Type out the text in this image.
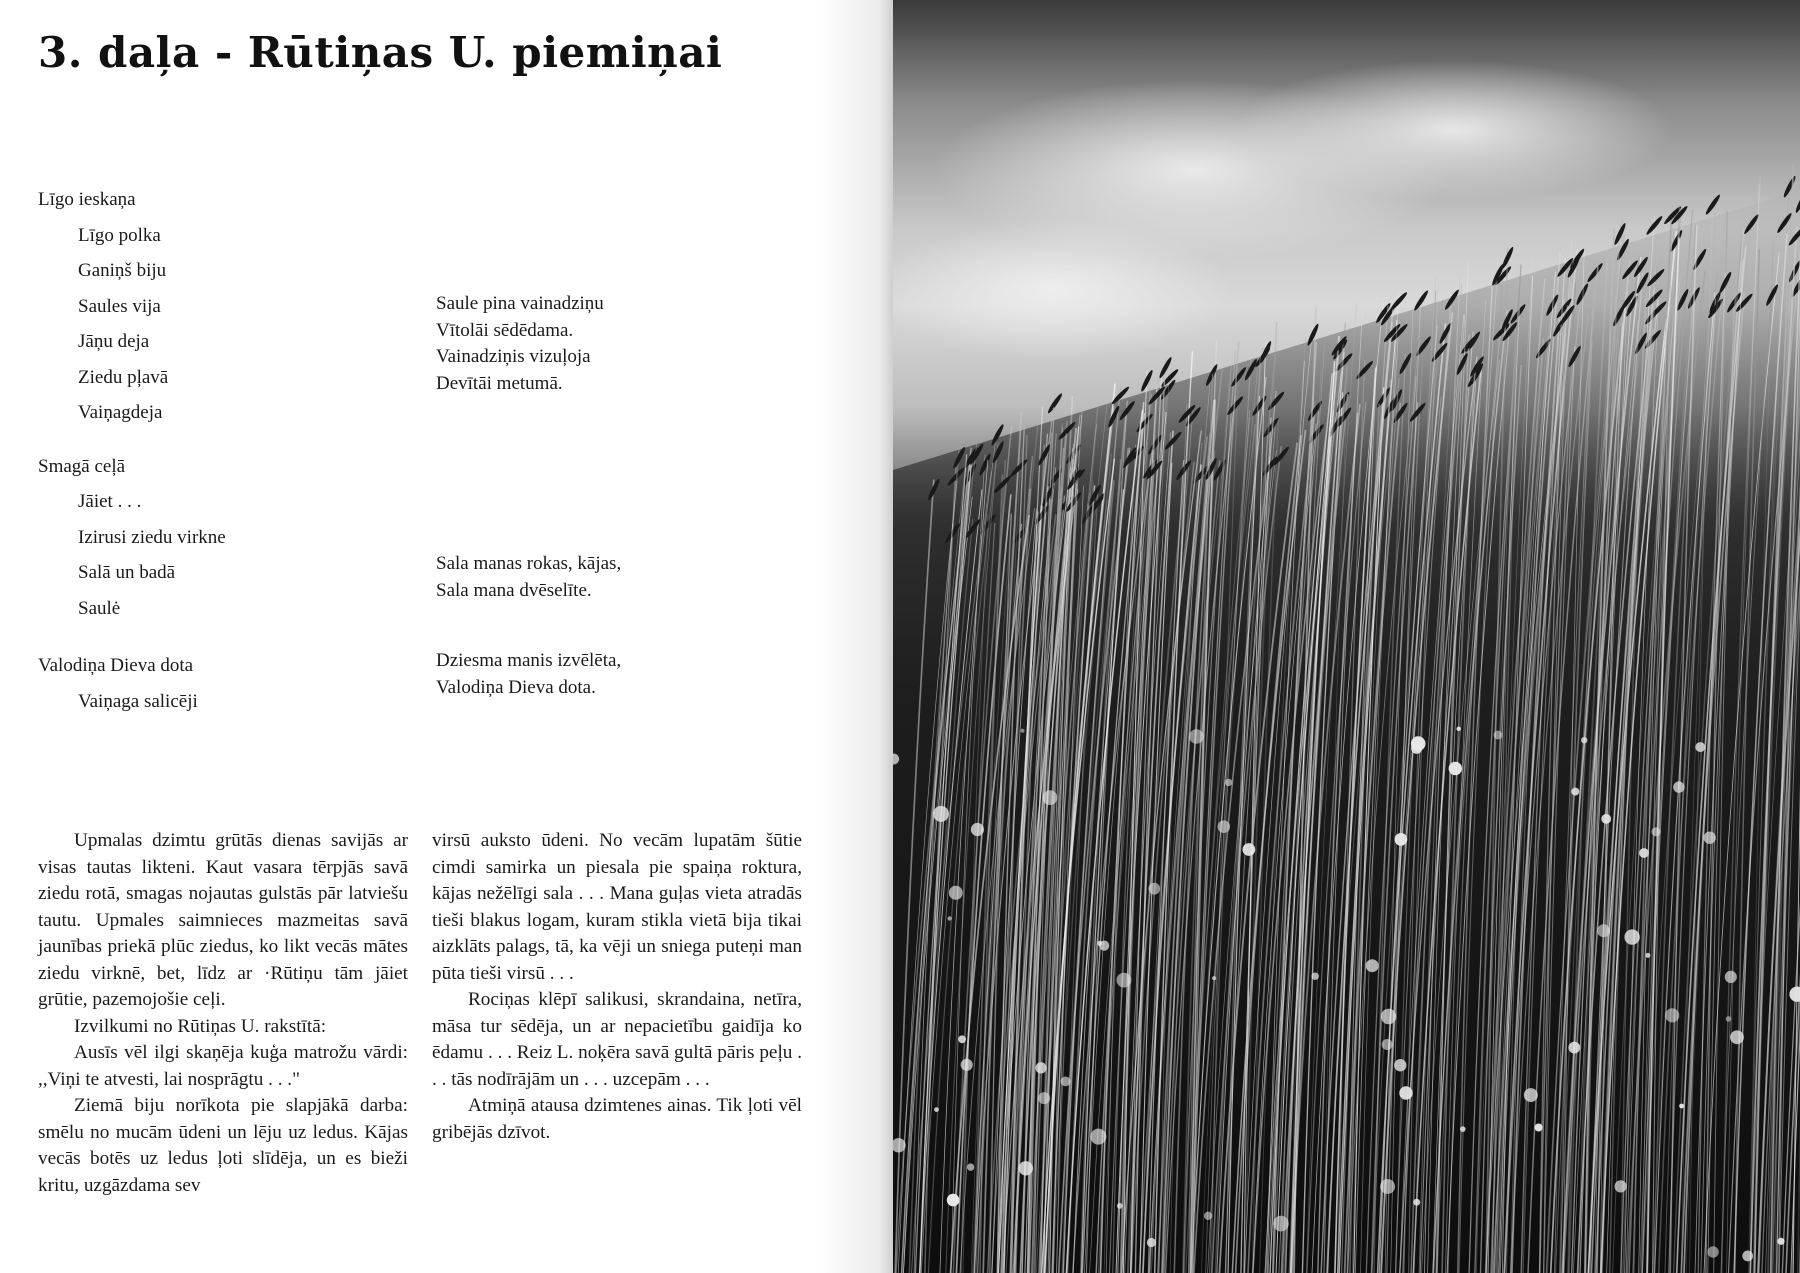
3. daļa - Rūtiņas U. piemiņai
Līgo ieskaņa
Līgo polka
Ganiņš biju
Saules vija
Jāņu deja
Ziedu pļavā
Vaiņagdeja
Smagā ceļā
Jāiet . . .
Izirusi ziedu virkne
Salā un badā
Saulė
Valodiņa Dieva dota
Vaiņaga salicēji
Saule pina vainadziņu
Vītolāi sēdēdama.
Vainadziņis vizuļoja
Devītāi metumā.
Sala manas rokas, kājas,
Sala mana dvēselīte.
Dziesma manis izvēlēta,
Valodiņa Dieva dota.

Upmalas dzimtu grūtās dienas savijās ar visas tautas likteni. Kaut vasara tērpjās savā ziedu rotā, smagas nojautas gulstās pār latviešu tautu. Upmales saimnieces mazmeitas savā jaunības priekā plūc ziedus, ko likt vecās mātes ziedu virknē, bet, līdz ar ·Rūtiņu tām jāiet grūtie, pazemojošie ceļi.

Izvilkumi no Rūtiņas U. rakstītā:

Ausīs vēl ilgi skaņēja kuģa matrožu vārdi: ,,Viņi te atvesti, lai nosprāgtu . . ."

Ziemā biju norīkota pie slapjākā darba: smēlu no mucām ūdeni un lēju uz ledus. Kājas vecās botēs uz ledus ļoti slīdēja, un es bieži kritu, uzgāzdama sev

virsū auksto ūdeni. No vecām lupatām šūtie cimdi samirka un piesala pie spaiņa roktura, kājas nežēlīgi sala . . . Mana guļas vieta atradās tieši blakus logam, kuram stikla vietā bija tikai aizklāts palags, tā, ka vēji un sniega puteņi man pūta tieši virsū . . .

Rociņas klēpī salikusi, skrandaina, netīra, māsa tur sēdēja, un ar nepacietību gaidīja ko ēdamu . . . Reiz L. noķēra savā gultā pāris peļu . . . tās nodīrājām un . . . uzcepām . . .

Atmiņā atausa dzimtenes ainas. Tik ļoti vēl gribējās dzīvot.
